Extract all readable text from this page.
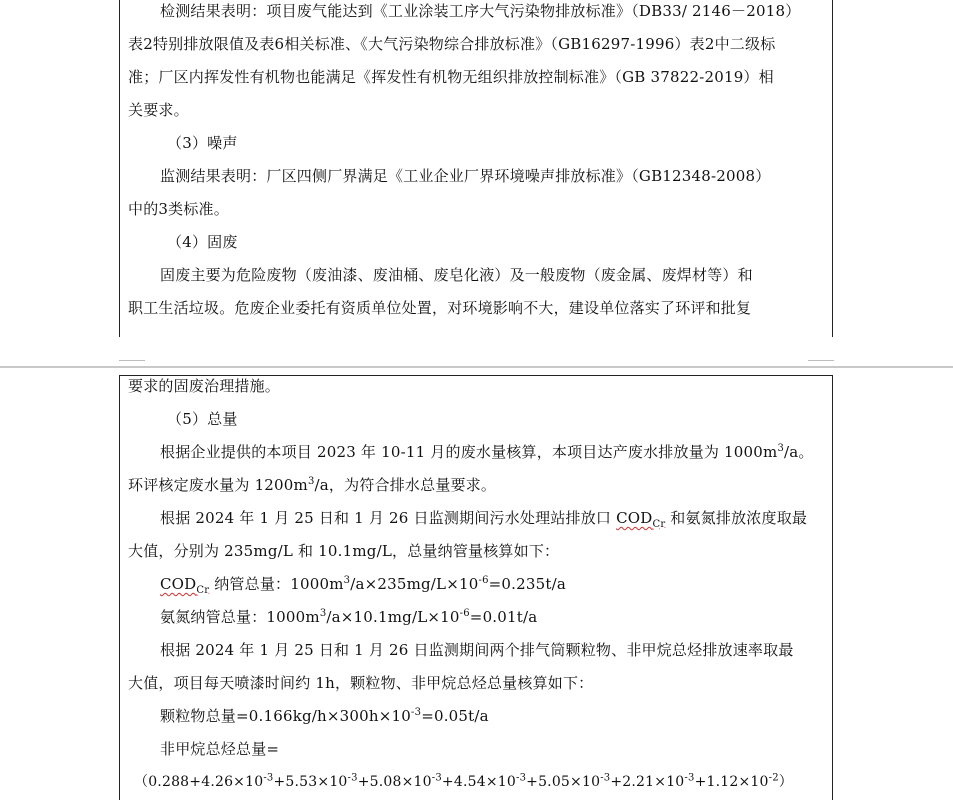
检测结果表明：项目废气能达到《工业涂装工序大气污染物排放标准》（DB33/ 2146－2018）
表2特别排放限值及表6相关标准、《大气污染物综合排放标准》（GB16297-1996）表2中二级标
准；厂区内挥发性有机物也能满足《挥发性有机物无组织排放控制标准》（GB 37822-2019）相
关要求。
（3）噪声
监测结果表明：厂区四侧厂界满足《工业企业厂界环境噪声排放标准》（GB12348-2008）
中的3类标准。
（4）固废
固废主要为危险废物（废油漆、废油桶、废皂化液）及一般废物（废金属、废焊材等）和
职工生活垃圾。危废企业委托有资质单位处置，对环境影响不大，建设单位落实了环评和批复
要求的固废治理措施。
（5）总量
根据企业提供的本项目 2023 年 10-11 月的废水量核算，本项目达产废水排放量为 $1000m^3/a$。
环评核定废水量为 $1200m^3/a$，为符合排水总量要求。
根据 2024 年 1 月 25 日和 1 月 26 日监测期间污水处理站排放口 $COD_{Cr}$ 和氨氮排放浓度取最
大值，分别为 235mg/L 和 10.1mg/L，总量纳管量核算如下：
$COD_{Cr}$ 纳管总量：$1000m^3/a\times 235mg/L\times 10^{-6}=0.235t/a$
氨氮纳管总量：$1000m^3/a\times 10.1mg/L\times 10^{-6}=0.01t/a$
根据 2024 年 1 月 25 日和 1 月 26 日监测期间两个排气筒颗粒物、非甲烷总烃排放速率取最
大值，项目每天喷漆时间约 1h，颗粒物、非甲烷总烃总量核算如下：
颗粒物总量$=0.166kg/h\times 300h\times 10^{-3}=0.05t/a$
非甲烷总烃总量=
$(0.288+4.26\times 10^{-3}+5.53\times 10^{-3}+5.08\times 10^{-3}+4.54\times 10^{-3}+5.05\times 10^{-3}+2.21\times 10^{-3}+1.12\times 10^{-2})$
